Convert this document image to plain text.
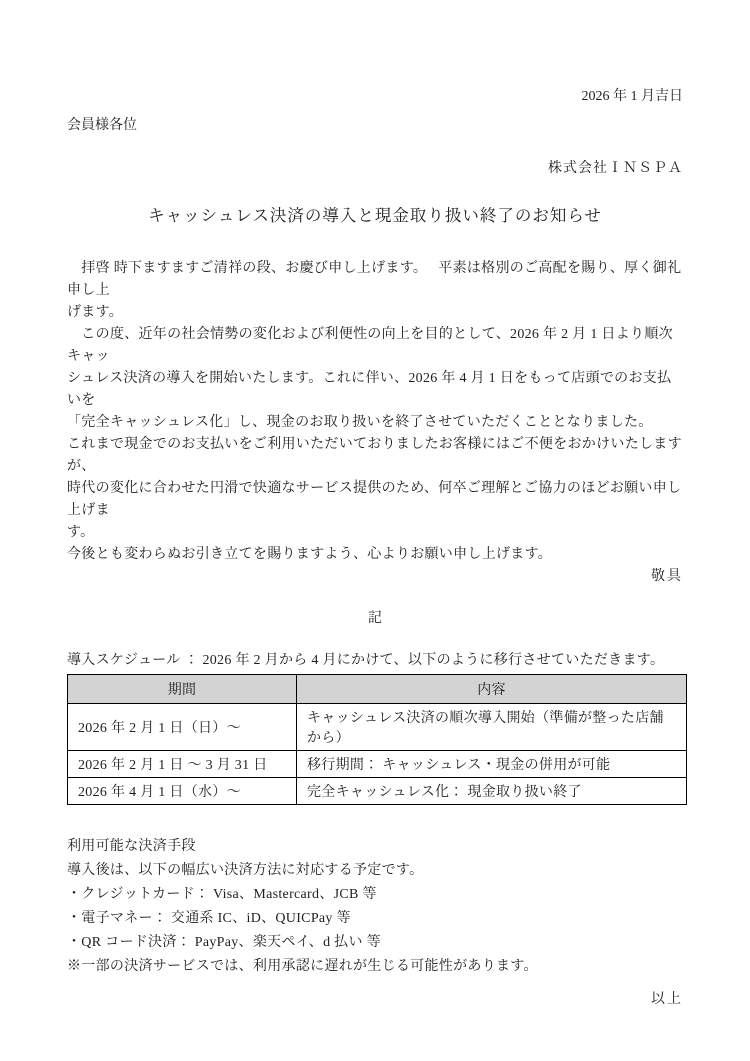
2026 年 1 月吉日
会員様各位
株式会社ＩＮＳＰＡ
キャッシュレス決済の導入と現金取り扱い終了のお知らせ
　拝啓 時下ますますご清祥の段、お慶び申し上げます。　 平素は格別のご高配を賜り、厚く御礼申し上
げます。
　この度、近年の社会情勢の変化および利便性の向上を目的として、2026 年 2 月 1 日より順次キャッ
シュレス決済の導入を開始いたします。これに伴い、2026 年 4 月 1 日をもって店頭でのお支払いを
「完全キャッシュレス化」し、現金のお取り扱いを終了させていただくこととなりました。
これまで現金でのお支払いをご利用いただいておりましたお客様にはご不便をおかけいたしますが、
時代の変化に合わせた円滑で快適なサービス提供のため、何卒ご理解とご協力のほどお願い申し上げま
す。
今後とも変わらぬお引き立てを賜りますよう、心よりお願い申し上げます。
敬具
記
導入スケジュール ： 2026 年 2 月から 4 月にかけて、以下のように移行させていただきます。
期間	内容
2026 年 2 月 1 日（日）～	キャッシュレス決済の順次導入開始（準備が整った店舗から）
2026 年 2 月 1 日 ～ 3 月 31 日	移行期間： キャッシュレス・現金の併用が可能
2026 年 4 月 1 日（水）～	完全キャッシュレス化： 現金取り扱い終了
利用可能な決済手段
導入後は、以下の幅広い決済方法に対応する予定です。
・クレジットカード： Visa、Mastercard、JCB 等
・電子マネー： 交通系 IC、iD、QUICPay 等
・QR コード決済： PayPay、楽天ペイ、d 払い 等
※一部の決済サービスでは、利用承認に遅れが生じる可能性があります。
以上
